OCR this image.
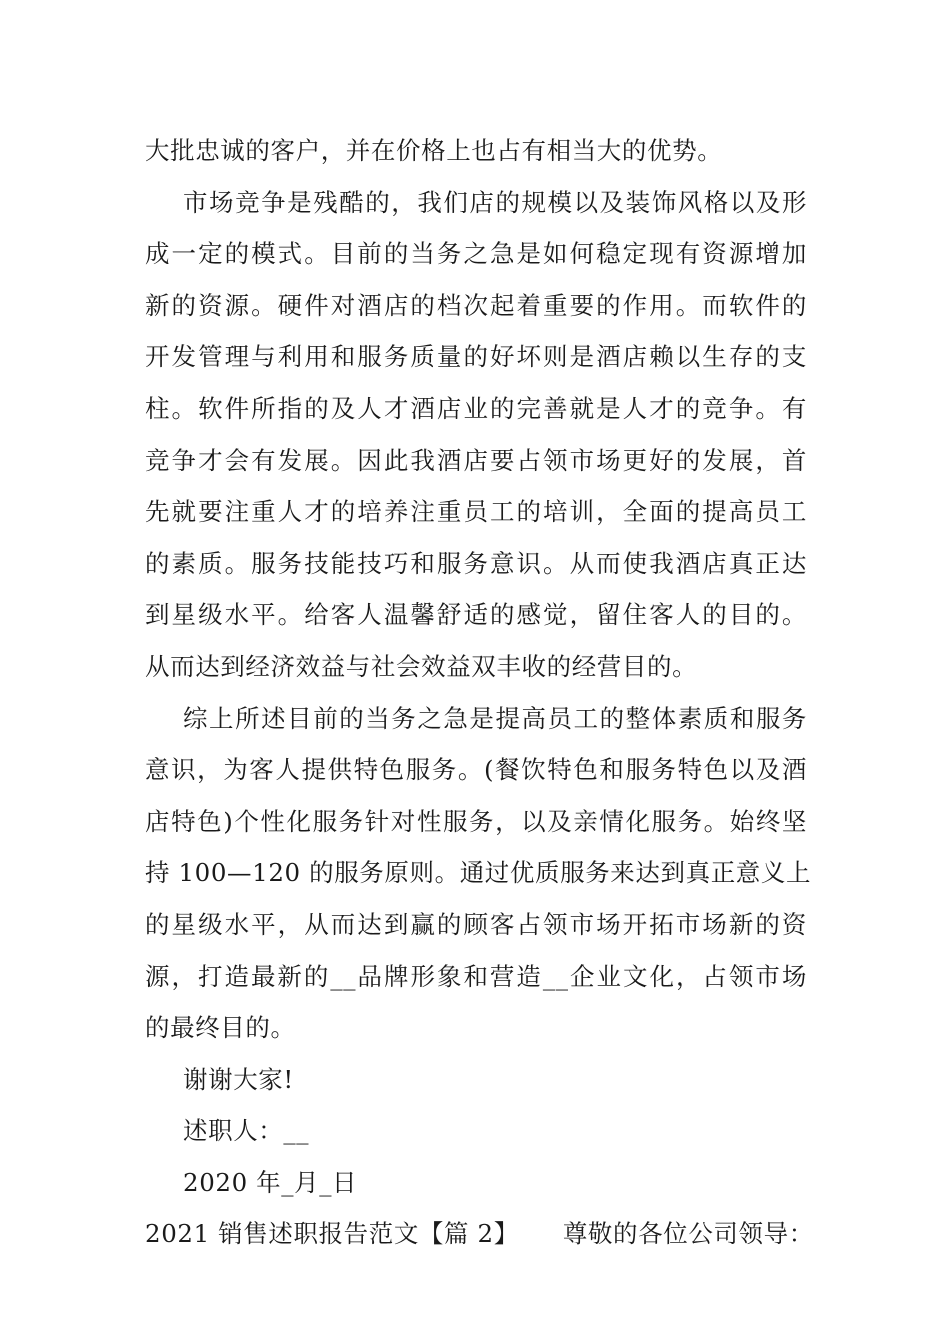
大批忠诚的客户，并在价格上也占有相当大的优势。
市场竞争是残酷的，我们店的规模以及装饰风格以及形
成一定的模式。目前的当务之急是如何稳定现有资源增加
新的资源。硬件对酒店的档次起着重要的作用。而软件的
开发管理与利用和服务质量的好坏则是酒店赖以生存的支
柱。软件所指的及人才酒店业的完善就是人才的竞争。有
竞争才会有发展。因此我酒店要占领市场更好的发展，首
先就要注重人才的培养注重员工的培训，全面的提高员工
的素质。服务技能技巧和服务意识。从而使我酒店真正达
到星级水平。给客人温馨舒适的感觉，留住客人的目的。
从而达到经济效益与社会效益双丰收的经营目的。
综上所述目前的当务之急是提高员工的整体素质和服务
意识，为客人提供特色服务。(餐饮特色和服务特色以及酒
店特色)个性化服务针对性服务，以及亲情化服务。始终坚
持 100—120 的服务原则。通过优质服务来达到真正意义上
的星级水平，从而达到赢的顾客占领市场开拓市场新的资
源，打造最新的__品牌形象和营造__企业文化，占领市场
的最终目的。
谢谢大家!
述职人：__
2020 年_月_日
2021 销售述职报告范文【篇 2】 尊敬的各位公司领导：
